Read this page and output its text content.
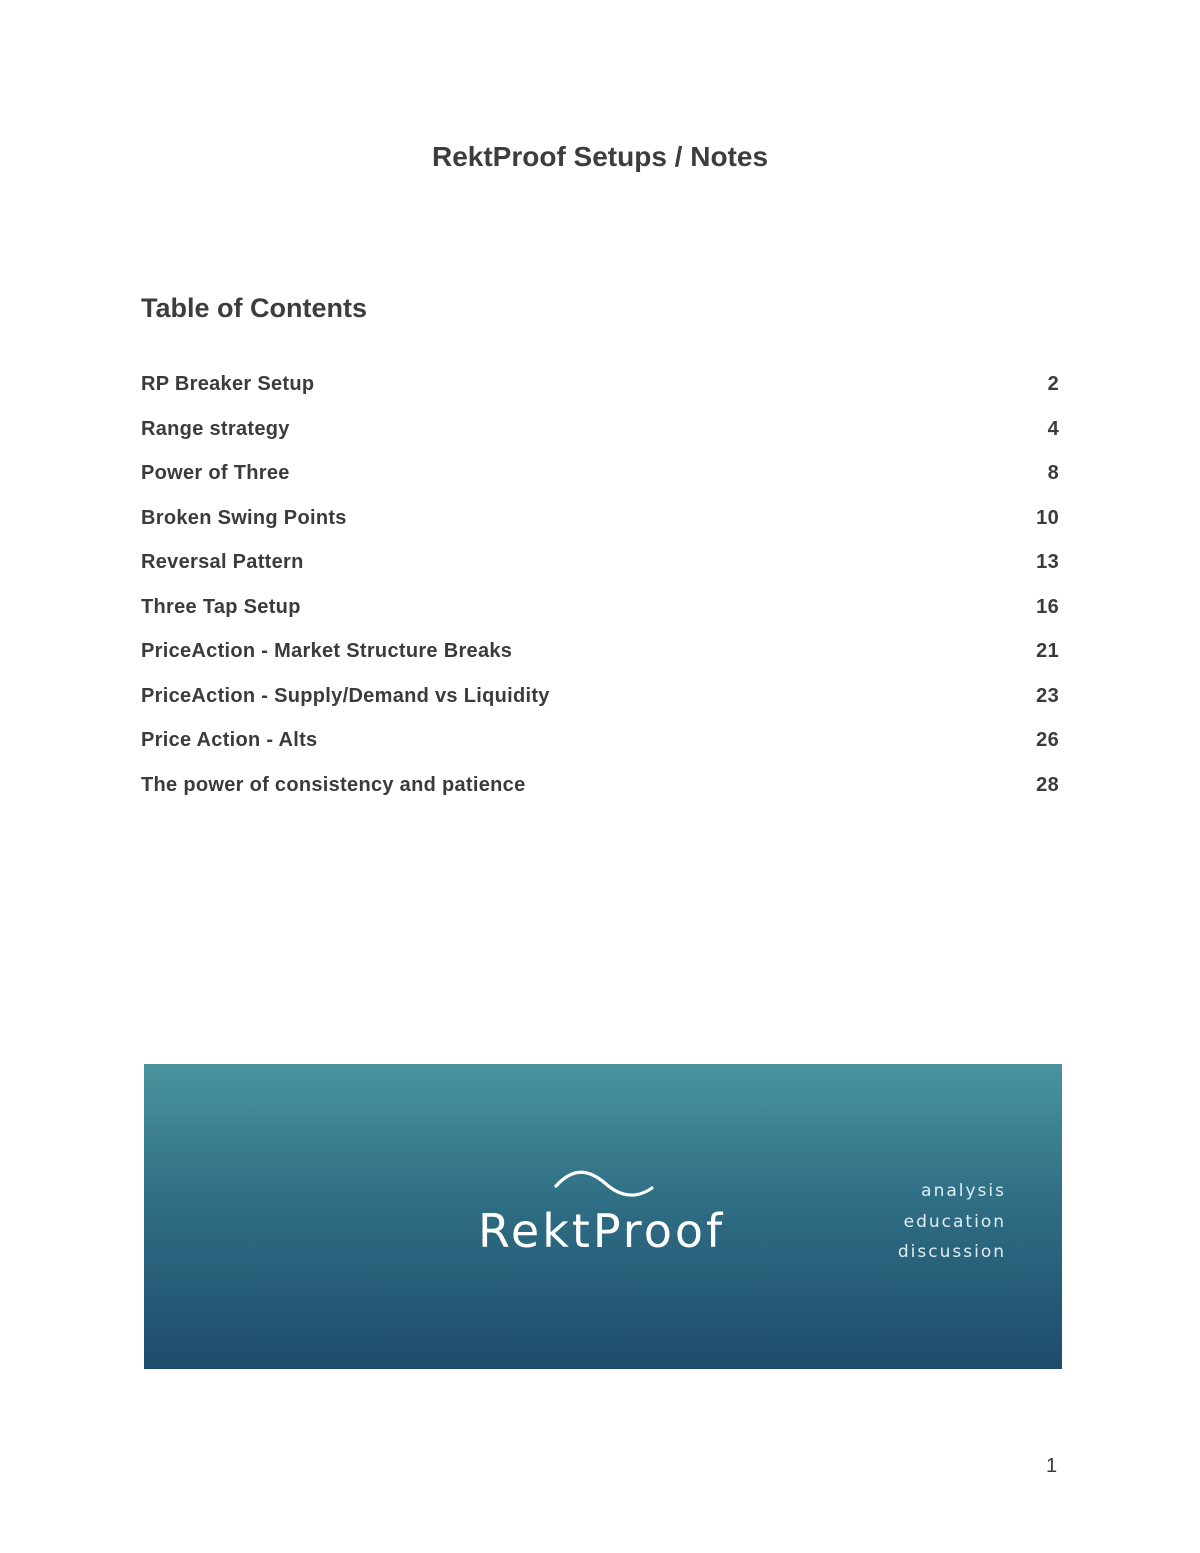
RektProof Setups / Notes
Table of Contents
RP Breaker Setup	2
Range strategy	4
Power of Three	8
Broken Swing Points	10
Reversal Pattern	13
Three Tap Setup	16
PriceAction - Market Structure Breaks	21
PriceAction - Supply/Demand vs Liquidity	23
Price Action - Alts	26
The power of consistency and patience	28
RektProof
analysis
education
discussion
1
